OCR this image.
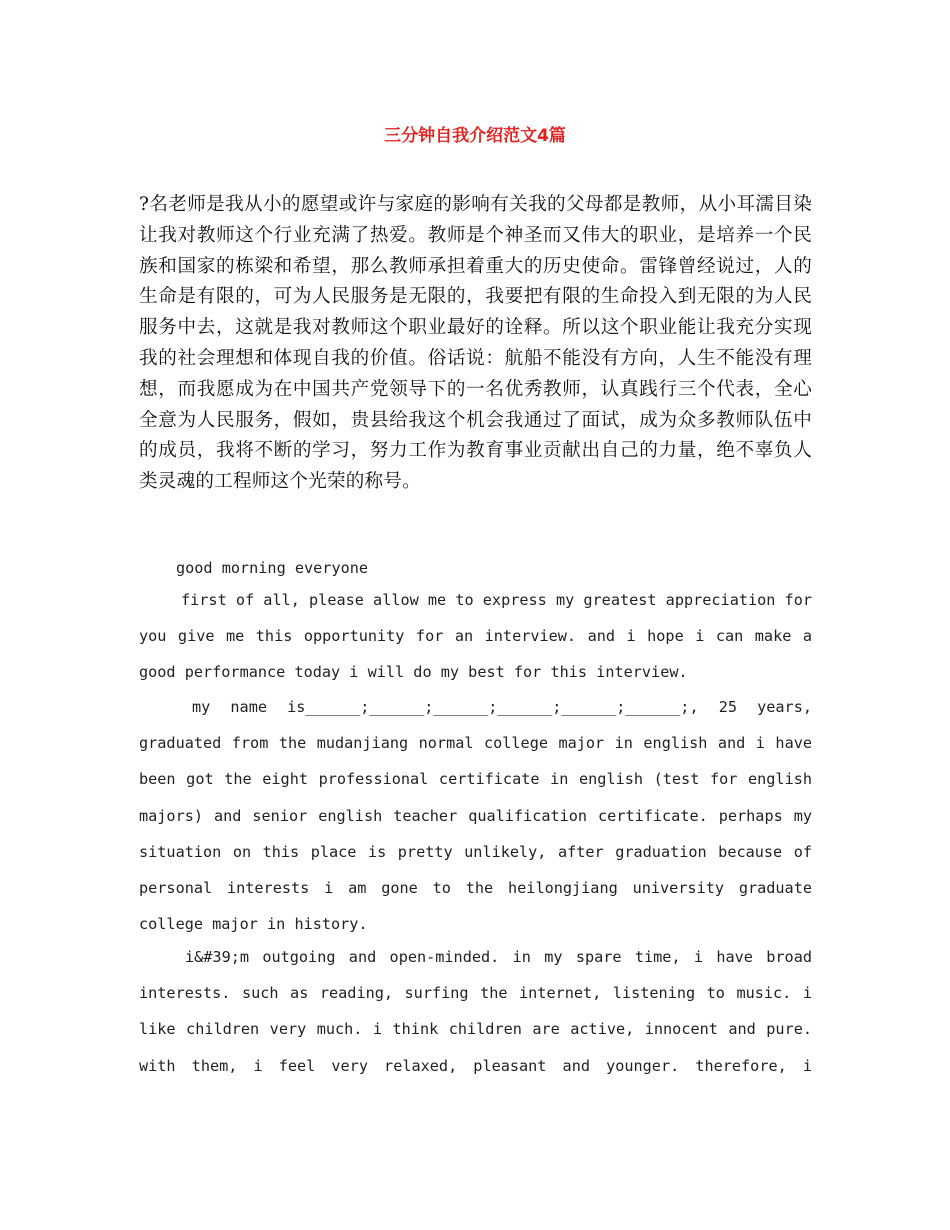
三分钟自我介绍范文4篇
?名老师是我从小的愿望或许与家庭的影响有关我的父母都是教师，从小耳濡目染让我对教师这个行业充满了热爱。教师是个神圣而又伟大的职业，是培养一个民族和国家的栋梁和希望，那么教师承担着重大的历史使命。雷锋曾经说过，人的生命是有限的，可为人民服务是无限的，我要把有限的生命投入到无限的为人民服务中去，这就是我对教师这个职业最好的诠释。所以这个职业能让我充分实现我的社会理想和体现自我的价值。俗话说：航船不能没有方向，人生不能没有理想，而我愿成为在中国共产党领导下的一名优秀教师，认真践行三个代表，全心全意为人民服务，假如，贵县给我这个机会我通过了面试，成为众多教师队伍中的成员，我将不断的学习，努力工作为教育事业贡献出自己的力量，绝不辜负人类灵魂的工程师这个光荣的称号。
good morning everyone
first of all, please allow me to express my greatest appreciation for you give me this opportunity for an interview. and i hope i can make a good performance today i will do my best for this interview.
my name is______;______;______;______;______;______;, 25 years, graduated from the mudanjiang normal college major in english and i have been got the eight professional certificate in english (test for english majors) and senior english teacher qualification certificate. perhaps my situation on this place is pretty unlikely, after graduation because of personal interests i am gone to the heilongjiang university graduate college major in history.
i&#39;m outgoing and open-minded. in my spare time, i have broad interests. such as reading, surfing the internet, listening to music. i like children very much. i think children are active, innocent and pure. with them, i feel very relaxed, pleasant and younger. therefore, i
